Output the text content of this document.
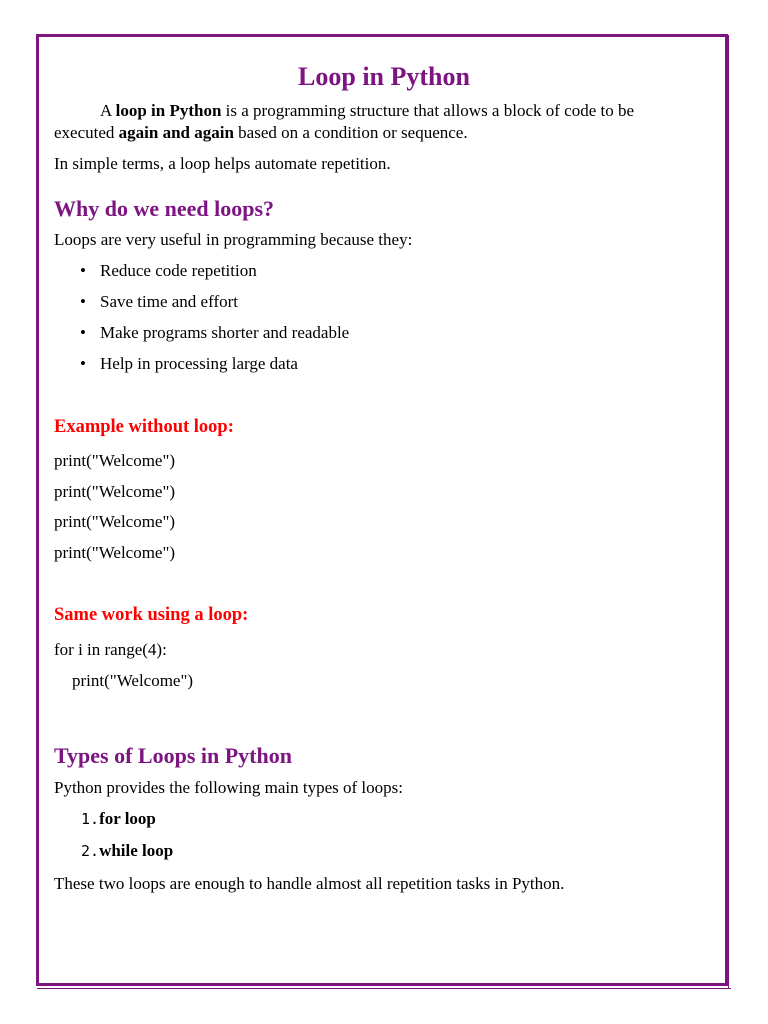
Loop in Python
A loop in Python is a programming structure that allows a block of code to be
executed again and again based on a condition or sequence.
In simple terms, a loop helps automate repetition.
Why do we need loops?
Loops are very useful in programming because they:
• Reduce code repetition
• Save time and effort
• Make programs shorter and readable
• Help in processing large data
Example without loop:
print("Welcome")
print("Welcome")
print("Welcome")
print("Welcome")
Same work using a loop:
for i in range(4):
print("Welcome")
Types of Loops in Python
Python provides the following main types of loops:
1.for loop
2.while loop
These two loops are enough to handle almost all repetition tasks in Python.
